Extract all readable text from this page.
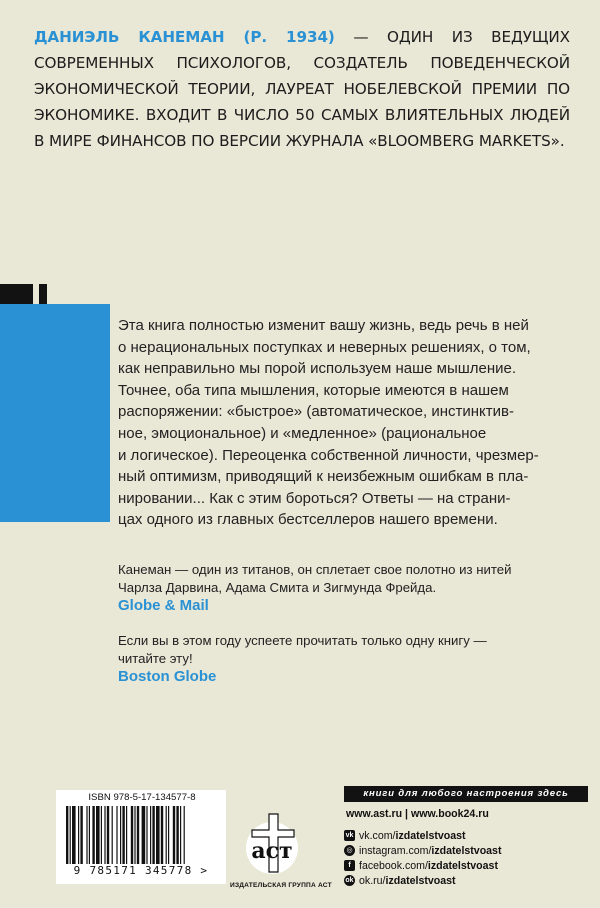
ДАНИЭЛЬ КАНЕМАН (Р. 1934) — ОДИН ИЗ ВЕДУЩИХ СОВРЕМЕННЫХ ПСИХОЛОГОВ, СОЗДАТЕЛЬ ПОВЕДЕНЧЕСКОЙ ЭКОНОМИЧЕСКОЙ ТЕОРИИ, ЛАУРЕАТ НОБЕЛЕВСКОЙ ПРЕМИИ ПО ЭКОНОМИКЕ. ВХОДИТ В ЧИСЛО 50 САМЫХ ВЛИЯТЕЛЬНЫХ ЛЮДЕЙ В МИРЕ ФИНАНСОВ ПО ВЕРСИИ ЖУРНАЛА «BLOOMBERG MARKETS».
Эта книга полностью изменит вашу жизнь, ведь речь в ней
о нерациональных поступках и неверных решениях, о том,
как неправильно мы порой используем наше мышление.
Точнее, оба типа мышления, которые имеются в нашем
распоряжении: «быстрое» (автоматическое, инстинктив-
ное, эмоциональное) и «медленное» (рациональное
и логическое). Переоценка собственной личности, чрезмер-
ный оптимизм, приводящий к неизбежным ошибкам в пла-
нировании... Как с этим бороться? Ответы — на страни-
цах одного из главных бестселлеров нашего времени.
Канеман — один из титанов, он сплетает свое полотно из нитей
Чарлза Дарвина, Адама Смита и Зигмунда Фрейда.
Globe & Mail
Если вы в этом году успеете прочитать только одну книгу —
читайте эту!
Boston Globe
книги для любого настроения здесь
ISBN 978-5-17-134577-8
9 785171 345778 >
аст
ИЗДАТЕЛЬСКАЯ ГРУППА АСТ
www.ast.ru | www.book24.ru
vk vk.com/ izdatelstvoast
◎ instagram.com/ izdatelstvoast
f facebook.com/ izdatelstvoast
ok ok.ru/ izdatelstvoast
